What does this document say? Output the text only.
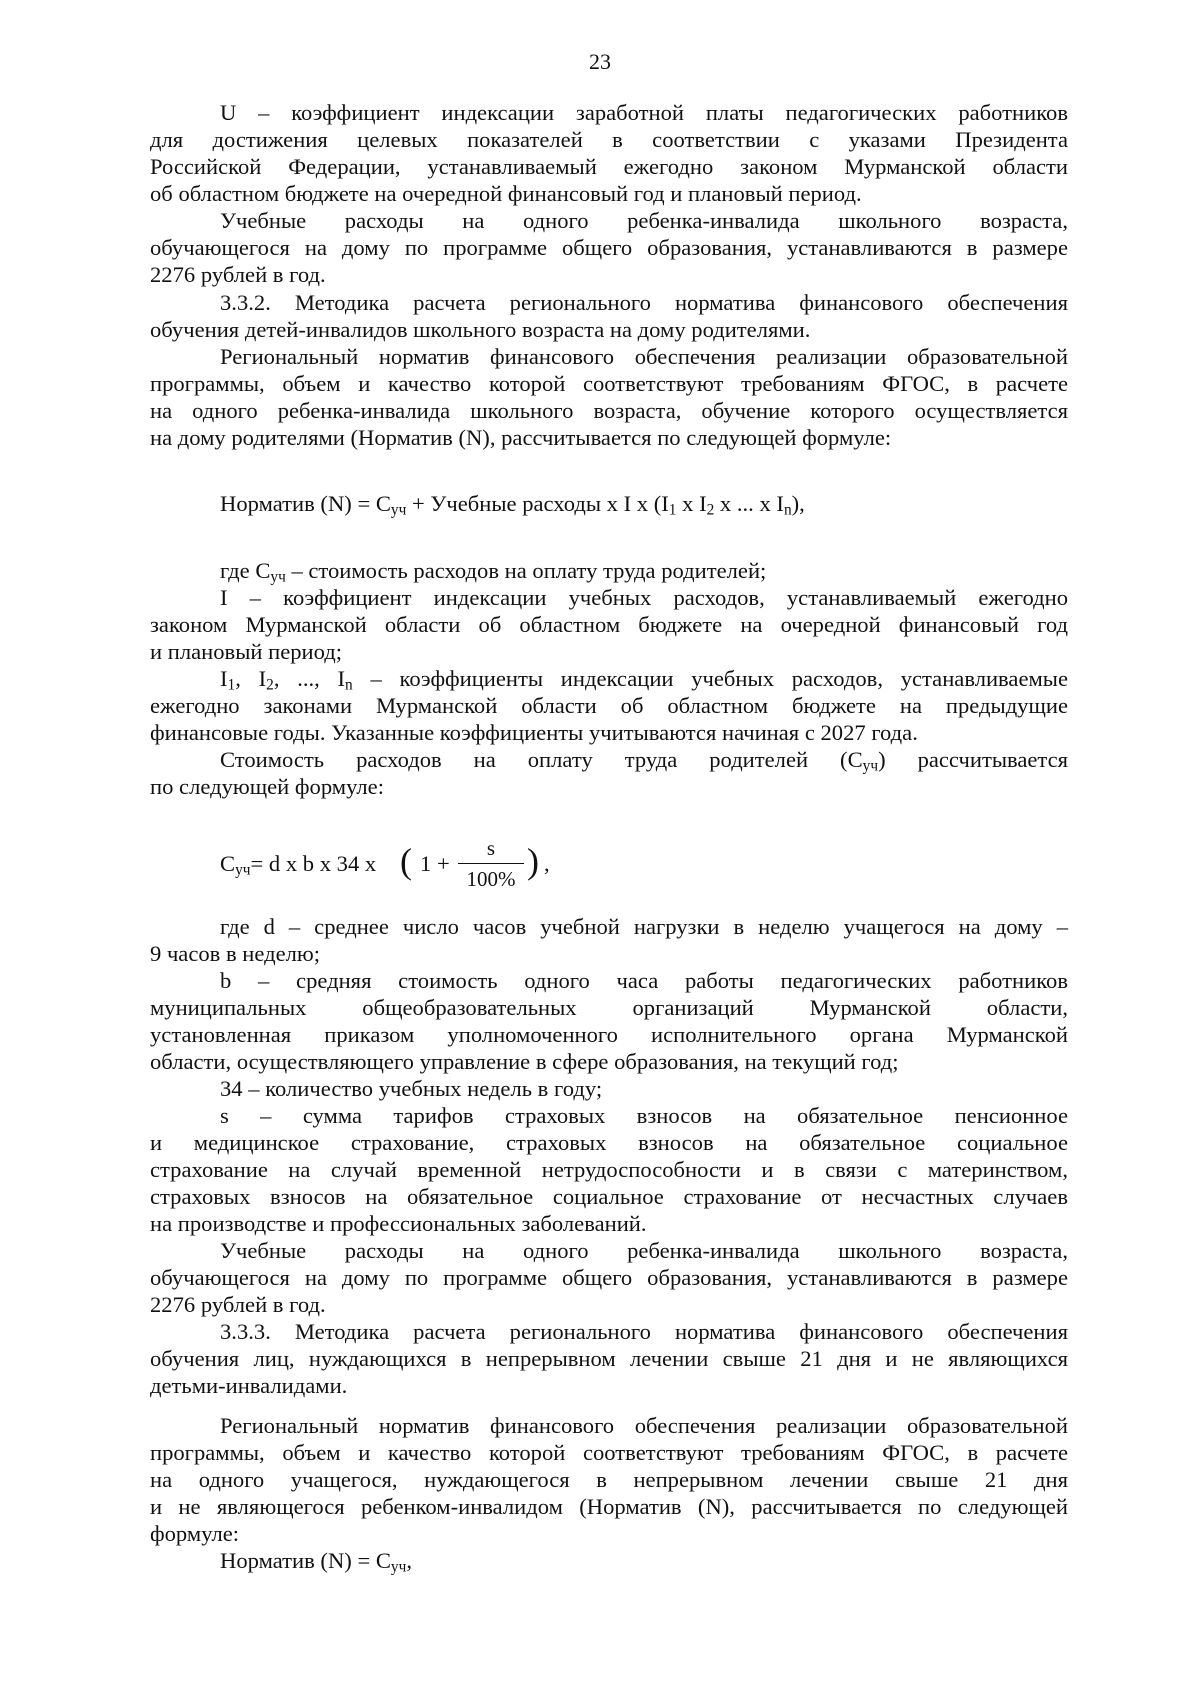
23
U – коэффициент индексации заработной платы педагогических работников
для достижения целевых показателей в соответствии с указами Президента
Российской Федерации, устанавливаемый ежегодно законом Мурманской области
об областном бюджете на очередной финансовый год и плановый период.
Учебные расходы на одного ребенка-инвалида школьного возраста,
обучающегося на дому по программе общего образования, устанавливаются в размере
2276 рублей в год.
3.3.2. Методика расчета регионального норматива финансового обеспечения
обучения детей-инвалидов школьного возраста на дому родителями.
Региональный норматив финансового обеспечения реализации образовательной
программы, объем и качество которой соответствуют требованиям ФГОС, в расчете
на одного ребенка-инвалида школьного возраста, обучение которого осуществляется
на дому родителями (Норматив (N), рассчитывается по следующей формуле:
Норматив $(N) = C_{уч}$ + Учебные расходы x I x ($I_1$ x $I_2$ x ... x $I_n$),
где $C_{уч}$ – стоимость расходов на оплату труда родителей;
I – коэффициент индексации учебных расходов, устанавливаемый ежегодно
законом Мурманской области об областном бюджете на очередной финансовый год
и плановый период;
$I_1$, $I_2$, ..., $I_n$ – коэффициенты индексации учебных расходов, устанавливаемые
ежегодно законами Мурманской области об областном бюджете на предыдущие
финансовые годы. Указанные коэффициенты учитываются начиная с 2027 года.
Стоимость расходов на оплату труда родителей $(C_{уч})$ рассчитывается
по следующей формуле:
$C_{уч}= d$ x b x 34 x ( 1 +
s
100% ) ,
где d – среднее число часов учебной нагрузки в неделю учащегося на дому –
9 часов в неделю;
b – средняя стоимость одного часа работы педагогических работников
муниципальных общеобразовательных организаций Мурманской области,
установленная приказом уполномоченного исполнительного органа Мурманской
области, осуществляющего управление в сфере образования, на текущий год;
34 – количество учебных недель в году;
s – сумма тарифов страховых взносов на обязательное пенсионное
и медицинское страхование, страховых взносов на обязательное социальное
страхование на случай временной нетрудоспособности и в связи с материнством,
страховых взносов на обязательное социальное страхование от несчастных случаев
на производстве и профессиональных заболеваний.
Учебные расходы на одного ребенка-инвалида школьного возраста,
обучающегося на дому по программе общего образования, устанавливаются в размере
2276 рублей в год.
3.3.3. Методика расчета регионального норматива финансового обеспечения
обучения лиц, нуждающихся в непрерывном лечении свыше 21 дня и не являющихся
детьми-инвалидами.
Региональный норматив финансового обеспечения реализации образовательной
программы, объем и качество которой соответствуют требованиям ФГОС, в расчете
на одного учащегося, нуждающегося в непрерывном лечении свыше 21 дня
и не являющегося ребенком-инвалидом (Норматив (N), рассчитывается по следующей
формуле:
Норматив $(N) = C_{уч}$,
